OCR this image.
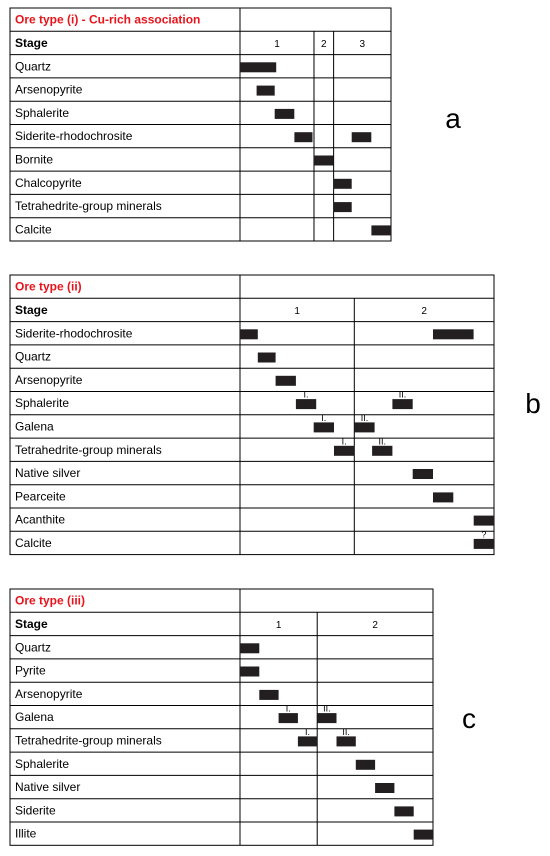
Ore type (i) - Cu-rich association
Stage	1	2	3
Quartz
Arsenopyrite
Sphalerite
Siderite-rhodochrosite
Bornite
Chalcopyrite
Tetrahedrite-group minerals
Calcite
a
Ore type (ii)
Stage	1	2
Siderite-rhodochrosite
Quartz
Arsenopyrite
Sphalerite
I.	II.
Galena
I.	II.
Tetrahedrite-group minerals
I.	II.
Native silver
Pearceite
Acanthite
Calcite
?
b
Ore type (iii)
Stage	1	2
Quartz
Pyrite
Arsenopyrite
Galena
I.	II.
Tetrahedrite-group minerals
I.	II.
Sphalerite
Native silver
Siderite
Illite
c
